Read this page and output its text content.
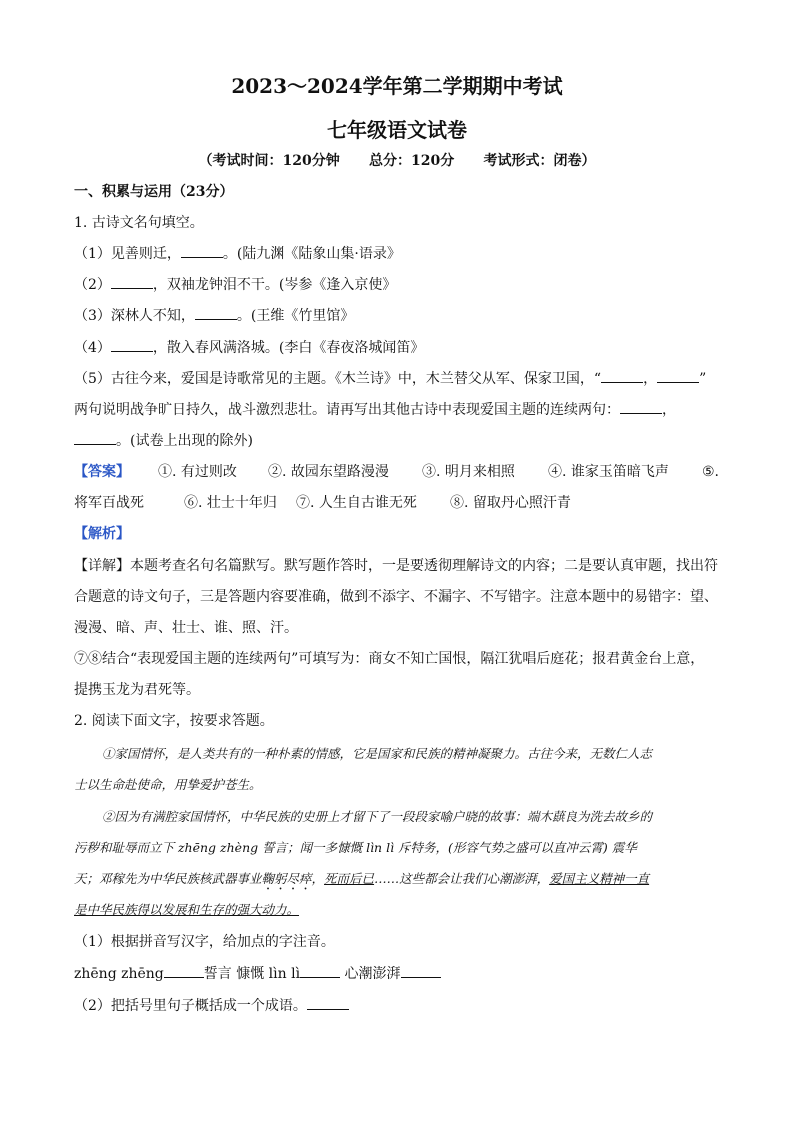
2023～2024学年第二学期期中考试
七年级语文试卷
（考试时间：120分钟      总分：120分      考试形式：闭卷）
一、积累与运用（23分）
1. 古诗文名句填空。
（1）见善则迁，	。(陆九渊《陆象山集·语录》
（2）	，双袖龙钟泪不干。(岑参《逢入京使》
（3）深林人不知，	。(王维《竹里馆》
（4）	，散入春风满洛城。(李白《春夜洛城闻笛》
（5）古往今来，爱国是诗歌常见的主题。《木兰诗》中，木兰替父从军、保家卫国，“	，	”
两句说明战争旷日持久，战斗激烈悲壮。请再写出其他古诗中表现爱国主题的连续两句：	，
。(试卷上出现的除外)
【答案】 ①. 有过则改 ②. 故园东望路漫漫 ③. 明月来相照 ④. 谁家玉笛暗飞声 ⑤.
将军百战死	⑥. 壮士十年归 ⑦. 人生自古谁无死 ⑧. 留取丹心照汗青
【解析】
【详解】本题考查名句名篇默写。默写题作答时，一是要透彻理解诗文的内容；二是要认真审题，找出符
合题意的诗文句子，三是答题内容要准确，做到不添字、不漏字、不写错字。注意本题中的易错字：望、
漫漫、暗、声、壮士、谁、照、汗。
⑦⑧结合“表现爱国主题的连续两句”可填写为：商女不知亡国恨，隔江犹唱后庭花；报君黄金台上意，
提携玉龙为君死等。
2. 阅读下面文字，按要求答题。
①家国情怀，是人类共有的一种朴素的情感，它是国家和民族的精神凝聚力。古往今来，无数仁人志
士以生命赴使命，用挚爱护苍生。
②因为有满腔家国情怀，中华民族的史册上才留下了一段段家喻户晓的故事：端木蕻良为洗去故乡的
污秽和耻辱而立下 zhēng zhèng 誓言；闻一多慷慨 lìn lì 斥特务，(形容气势之盛可以直冲云霄) 震华
天；邓稼先为中华民族核武器事业鞠躬尽瘁，死而后已……这些都会让我们心潮澎湃，爱国主义精神一直
是中华民族得以发展和生存的强大动力。
（1）根据拼音写汉字，给加点的字注音。
zhēng zhēng	誓言 慷慨 lìn lì	心潮澎湃
（2）把括号里句子概括成一个成语。
